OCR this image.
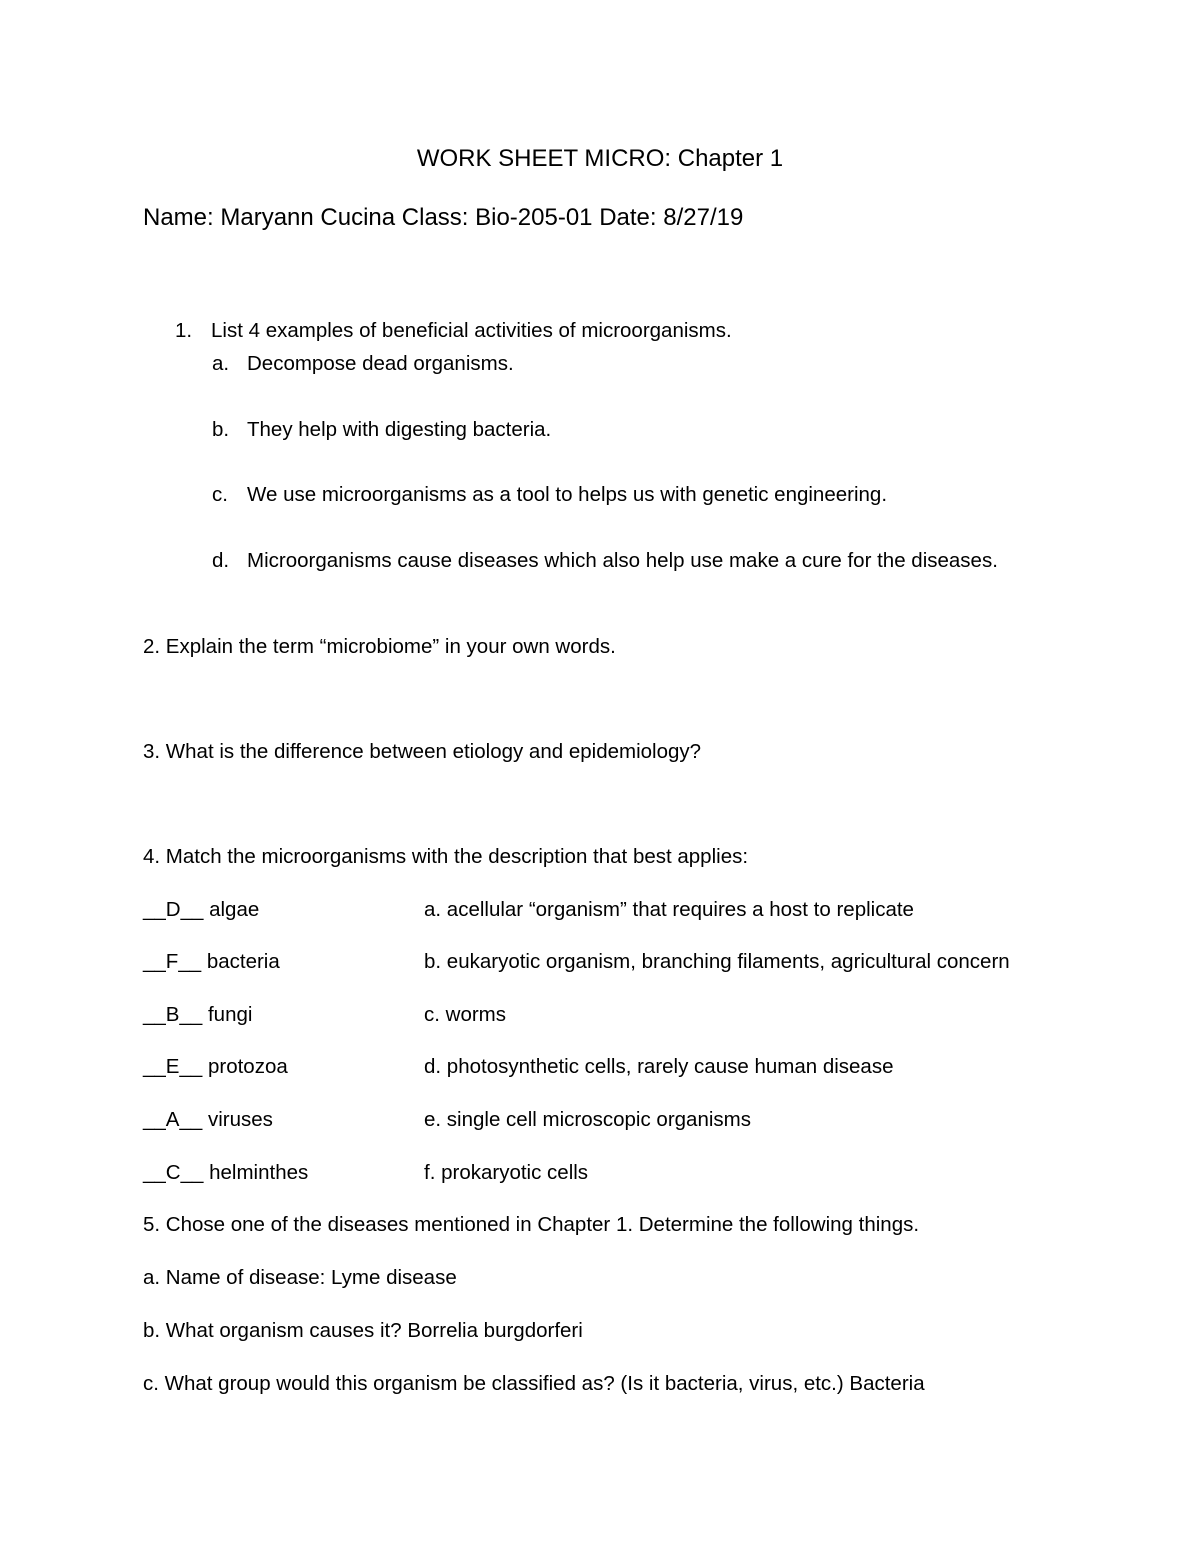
WORK SHEET MICRO: Chapter 1
Name: Maryann Cucina Class: Bio-205-01 Date: 8/27/19
1. List 4 examples of beneficial activities of microorganisms.
a. Decompose dead organisms.
b. They help with digesting bacteria.
c. We use microorganisms as a tool to helps us with genetic engineering.
d. Microorganisms cause diseases which also help use make a cure for the diseases.
2. Explain the term “microbiome” in your own words.
3. What is the difference between etiology and epidemiology?
4. Match the microorganisms with the description that best applies:
__D__ algae	a. acellular “organism” that requires a host to replicate
__F__ bacteria	b. eukaryotic organism, branching filaments, agricultural concern
__B__ fungi	c. worms
__E__ protozoa	d. photosynthetic cells, rarely cause human disease
__A__ viruses	e. single cell microscopic organisms
__C__ helminthes	f. prokaryotic cells
5. Chose one of the diseases mentioned in Chapter 1. Determine the following things.
a. Name of disease: Lyme disease
b. What organism causes it? Borrelia burgdorferi
c. What group would this organism be classified as? (Is it bacteria, virus, etc.) Bacteria
